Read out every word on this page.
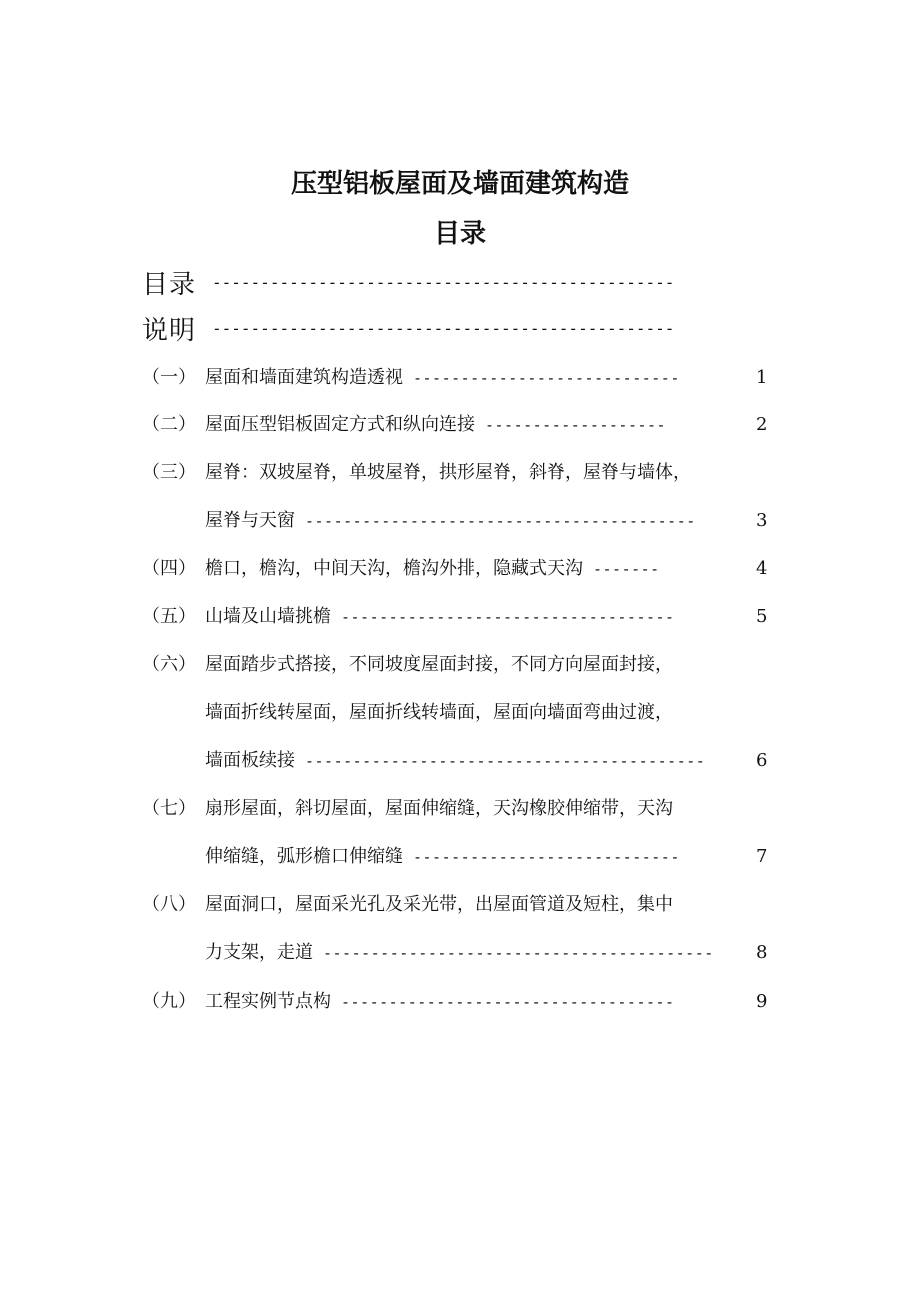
压型铝板屋面及墙面建筑构造
目录
目录 ------------------------------------------------
说明 ------------------------------------------------
（一） 屋面和墙面建筑构造透视 ----------------------------	1
（二） 屋面压型铝板固定方式和纵向连接 -------------------	2
（三） 屋脊：双坡屋脊，单坡屋脊，拱形屋脊，斜脊，屋脊与墙体，
屋脊与天窗 -----------------------------------------	3
（四） 檐口，檐沟，中间天沟，檐沟外排，隐藏式天沟 -------	4
（五） 山墙及山墙挑檐 -----------------------------------	5
（六） 屋面踏步式搭接，不同坡度屋面封接，不同方向屋面封接，
墙面折线转屋面，屋面折线转墙面，屋面向墙面弯曲过渡，
墙面板续接 ------------------------------------------	6
（七） 扇形屋面，斜切屋面，屋面伸缩缝，天沟橡胶伸缩带，天沟
伸缩缝，弧形檐口伸缩缝 ----------------------------	7
（八） 屋面洞口，屋面采光孔及采光带，出屋面管道及短柱，集中
力支架，走道 ----------------------------------------- 8
（九） 工程实例节点构 -----------------------------------	9
